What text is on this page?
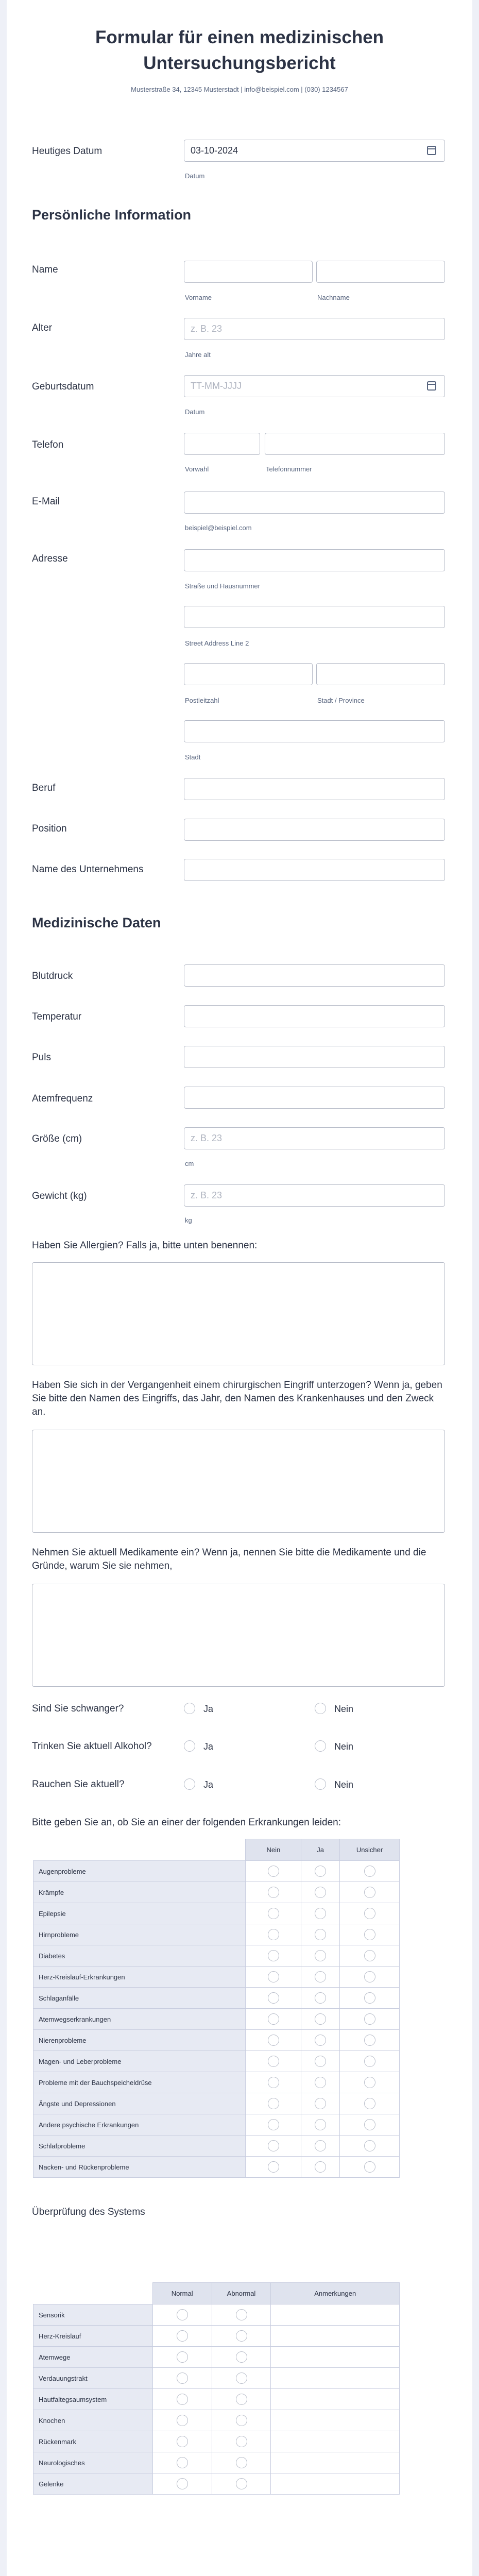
Formular für einen medizinischen Untersuchungsbericht
Musterstraße 34, 12345 Musterstadt | info@beispiel.com | (030) 1234567
Heutiges Datum	03-10-2024
Datum
Persönliche Information
Name
Vorname	Nachname
Alter	z. B. 23
Jahre alt
Geburtsdatum	TT-MM-JJJJ
Datum
Telefon
Vorwahl	Telefonnummer
E-Mail
beispiel@beispiel.com
Adresse
Straße und Hausnummer
Street Address Line 2
Postleitzahl	Stadt / Province
Stadt
Beruf
Position
Name des Unternehmens
Medizinische Daten
Blutdruck
Temperatur
Puls
Atemfrequenz
Größe (cm)	z. B. 23
cm
Gewicht (kg)	z. B. 23
kg
Haben Sie Allergien? Falls ja, bitte unten benennen:
Haben Sie sich in der Vergangenheit einem chirurgischen Eingriff unterzogen? Wenn ja, geben Sie bitte den Namen des Eingriffs, das Jahr, den Namen des Krankenhauses und den Zweck an.
Nehmen Sie aktuell Medikamente ein? Wenn ja, nennen Sie bitte die Medikamente und die Gründe, warum Sie sie nehmen,
Sind Sie schwanger?	Ja	Nein
Trinken Sie aktuell Alkohol?	Ja	Nein
Rauchen Sie aktuell?	Ja	Nein
Bitte geben Sie an, ob Sie an einer der folgenden Erkrankungen leiden:
	Nein	Ja	Unsicher
Augenprobleme			
Krämpfe			
Epilepsie			
Hirnprobleme			
Diabetes			
Herz-Kreislauf-Erkrankungen			
Schlaganfälle			
Atemwegserkrankungen			
Nierenprobleme			
Magen- und Leberprobleme			
Probleme mit der Bauchspeicheldrüse			
Ängste und Depressionen			
Andere psychische Erkrankungen			
Schlafprobleme			
Nacken- und Rückenprobleme			
Überprüfung des Systems
	Normal	Abnormal	Anmerkungen
Sensorik			
Herz-Kreislauf			
Atemwege			
Verdauungstrakt			
Hautfaltegsaumsystem			
Knochen			
Rückenmark			
Neurologisches			
Gelenke			
